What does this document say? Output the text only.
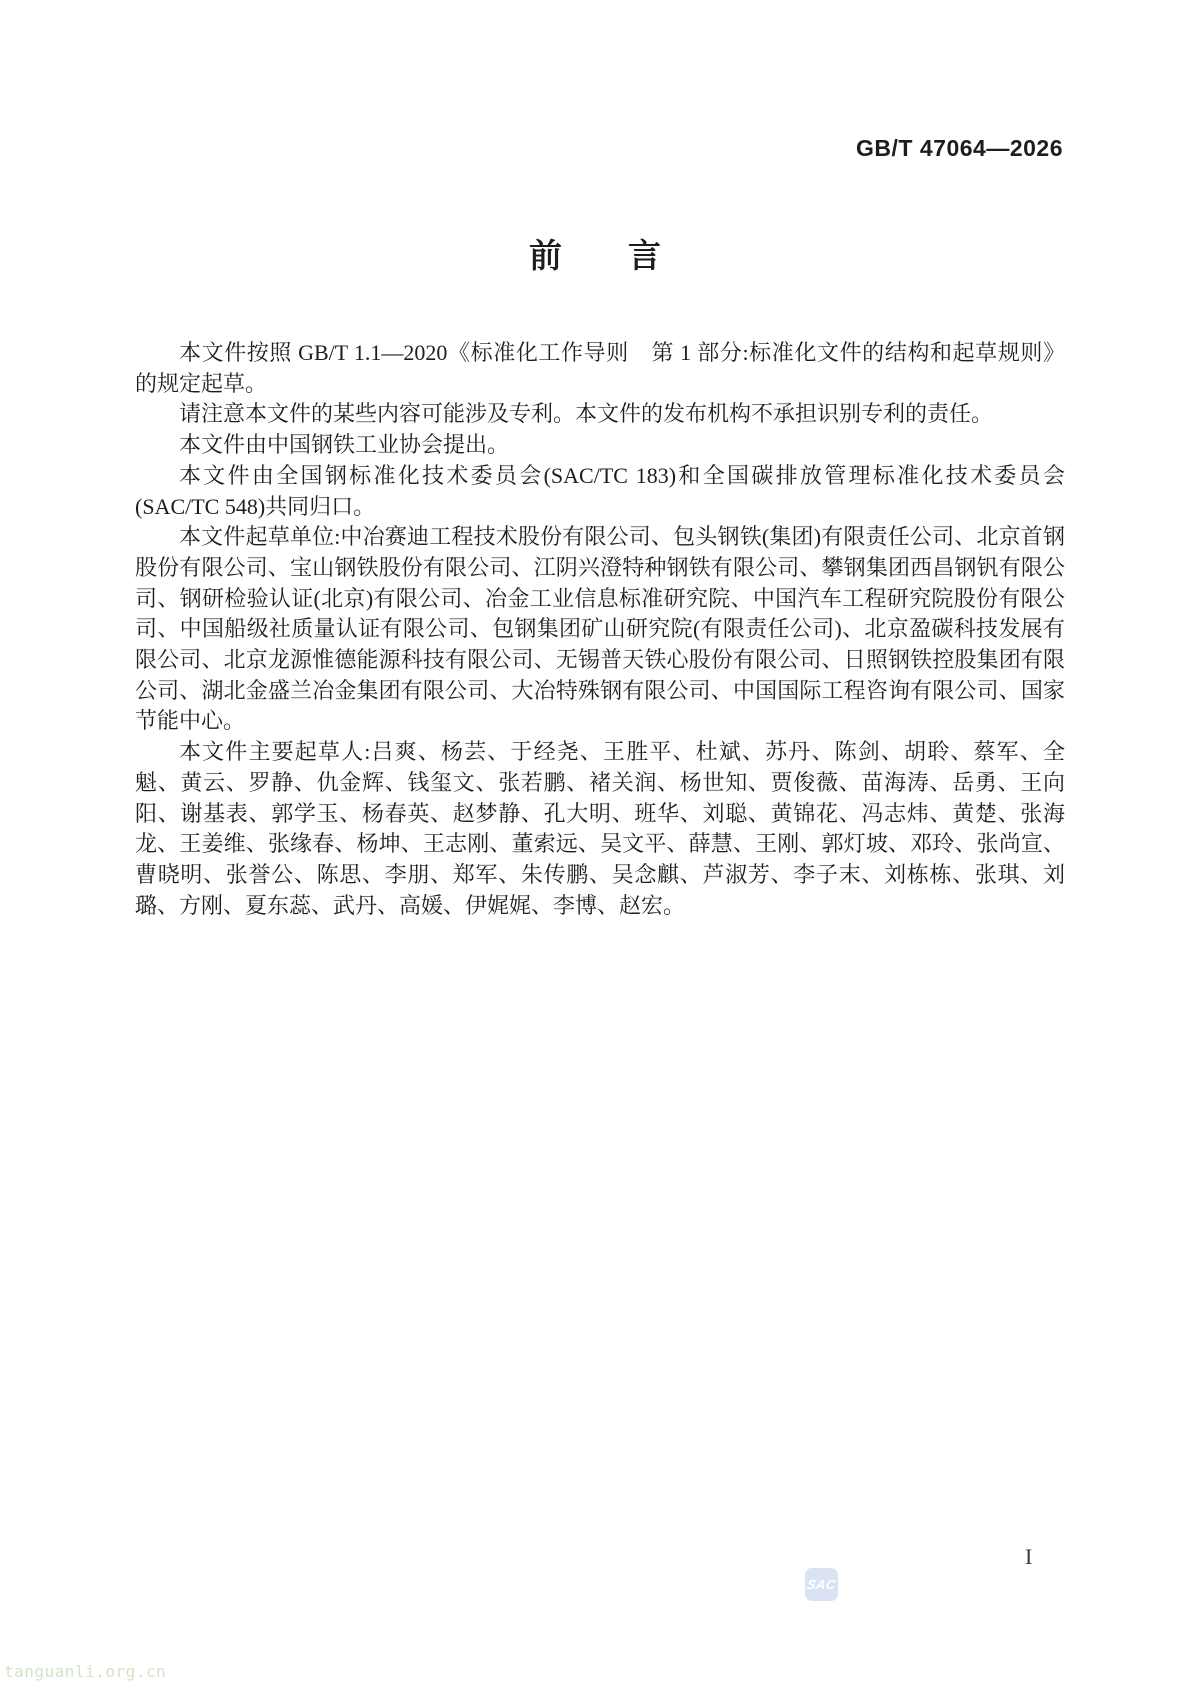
GB/T 47064—2026
前 言

本文件按照 GB/T 1.1—2020《标准化工作导则　第 1 部分:标准化文件的结构和起草规则》的规定起草。

请注意本文件的某些内容可能涉及专利。本文件的发布机构不承担识别专利的责任。

本文件由中国钢铁工业协会提出。

本文件由全国钢标准化技术委员会(SAC/TC 183)和全国碳排放管理标准化技术委员会(SAC/TC 548)共同归口。

本文件起草单位:中冶赛迪工程技术股份有限公司、包头钢铁(集团)有限责任公司、北京首钢股份有限公司、宝山钢铁股份有限公司、江阴兴澄特种钢铁有限公司、攀钢集团西昌钢钒有限公司、钢研检验认证(北京)有限公司、冶金工业信息标准研究院、中国汽车工程研究院股份有限公司、中国船级社质量认证有限公司、包钢集团矿山研究院(有限责任公司)、北京盈碳科技发展有限公司、北京龙源惟德能源科技有限公司、无锡普天铁心股份有限公司、日照钢铁控股集团有限公司、湖北金盛兰冶金集团有限公司、大冶特殊钢有限公司、中国国际工程咨询有限公司、国家节能中心。

本文件主要起草人:吕爽、杨芸、于经尧、王胜平、杜斌、苏丹、陈剑、胡聆、蔡军、全魁、黄云、罗静、仇金辉、钱玺文、张若鹏、褚关润、杨世知、贾俊薇、苗海涛、岳勇、王向阳、谢基表、郭学玉、杨春英、赵梦静、孔大明、班华、刘聪、黄锦花、冯志炜、黄楚、张海龙、王姜维、张缘春、杨坤、王志刚、董索远、吴文平、薛慧、王刚、郭灯坡、邓玲、张尚宣、曹晓明、张誉公、陈思、李朋、郑军、朱传鹏、吴念麒、芦淑芳、李子末、刘栋栋、张琪、刘璐、方刚、夏东蕊、武丹、高媛、伊娓娓、李博、赵宏。

SAC
I
tanguanli.org.cn
